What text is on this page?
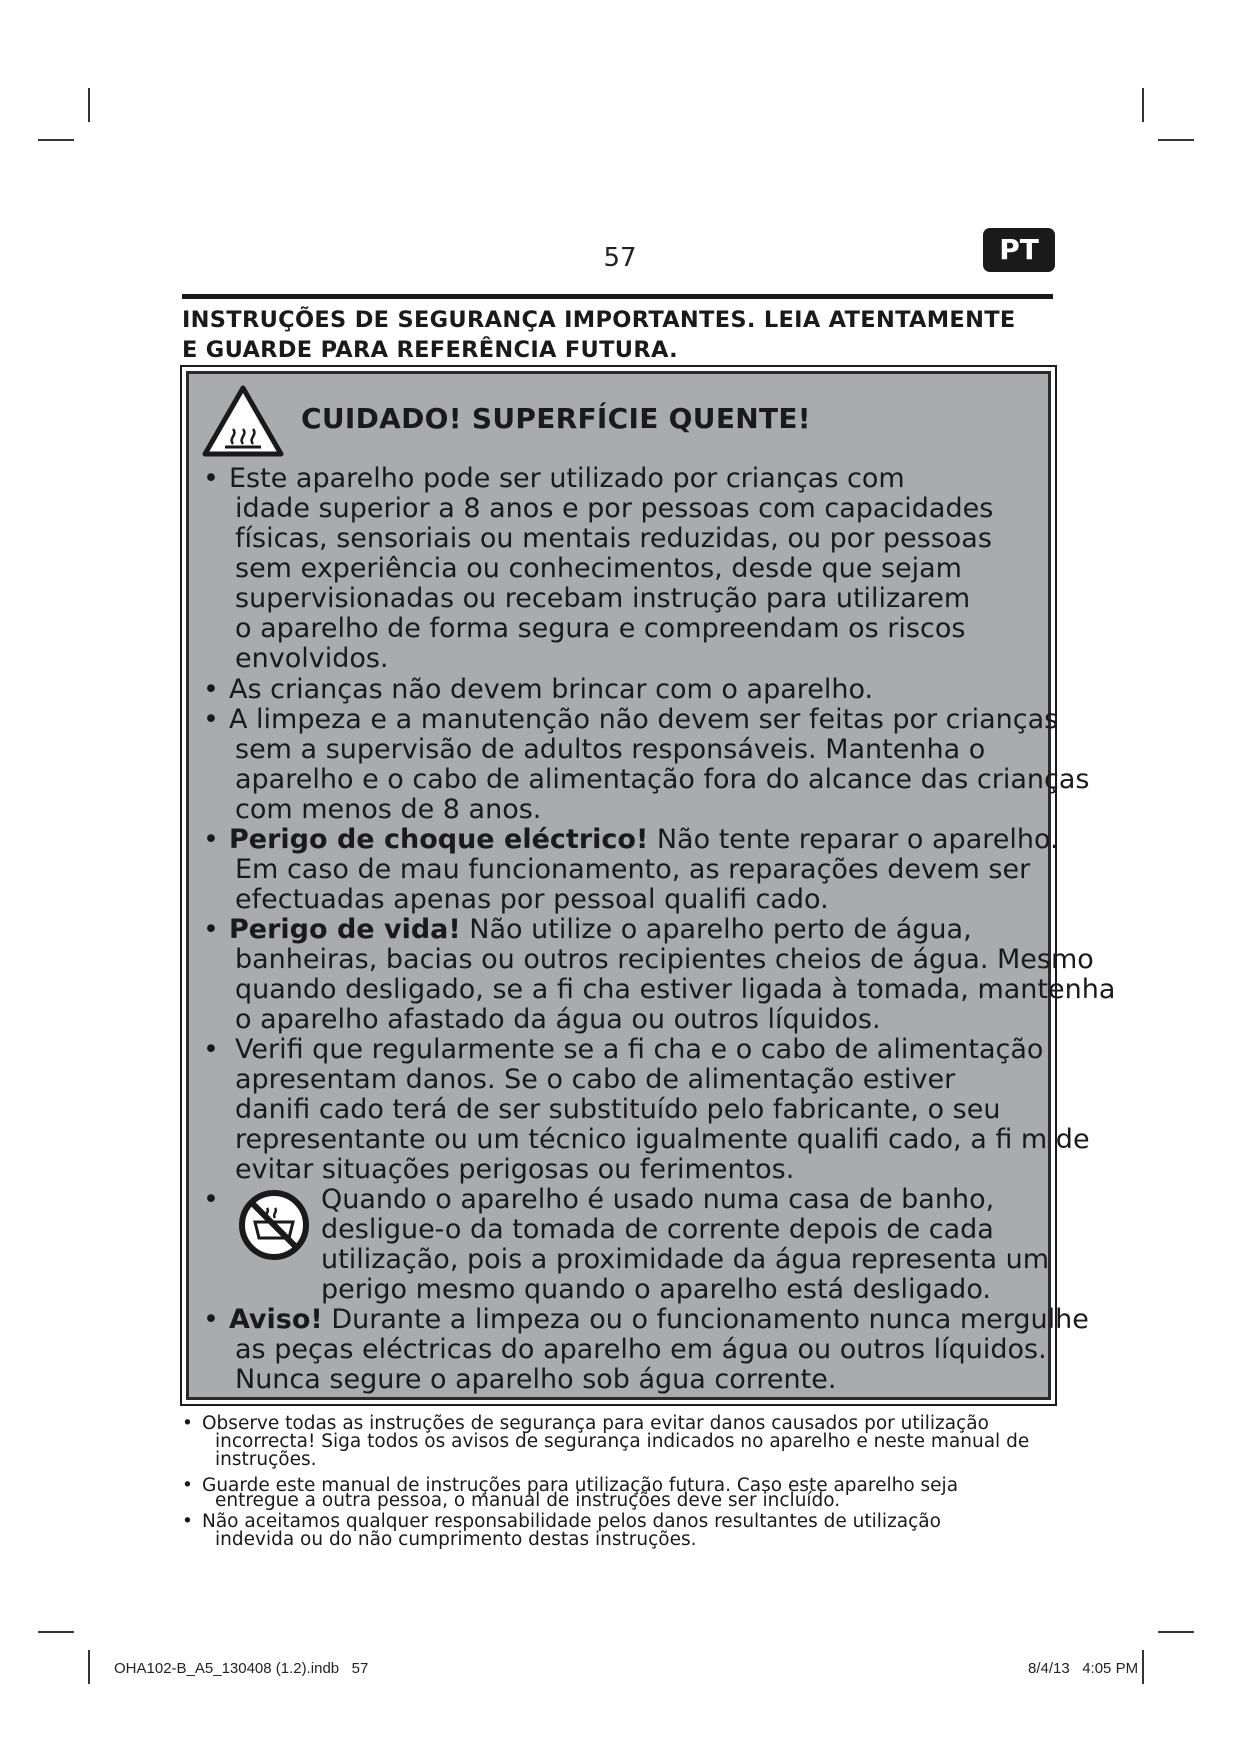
57	PT
INSTRUÇÕES DE SEGURANÇA IMPORTANTES. LEIA ATENTAMENTE
E GUARDE PARA REFERÊNCIA FUTURA.
CUIDADO! SUPERFÍCIE QUENTE!
• Este aparelho pode ser utilizado por crianças com
idade superior a 8 anos e por pessoas com capacidades
físicas, sensoriais ou mentais reduzidas, ou por pessoas
sem experiência ou conhecimentos, desde que sejam
supervisionadas ou recebam instrução para utilizarem
o aparelho de forma segura e compreendam os riscos
envolvidos.
• As crianças não devem brincar com o aparelho.
• A limpeza e a manutenção não devem ser feitas por crianças
sem a supervisão de adultos responsáveis. Mantenha o
aparelho e o cabo de alimentação fora do alcance das crianças
com menos de 8 anos.
• Perigo de choque eléctrico! Não tente reparar o aparelho.
Em caso de mau funcionamento, as reparações devem ser
efectuadas apenas por pessoal qualifi cado.
• Perigo de vida! Não utilize o aparelho perto de água,
banheiras, bacias ou outros recipientes cheios de água. Mesmo
quando desligado, se a fi cha estiver ligada à tomada, mantenha
o aparelho afastado da água ou outros líquidos.
• Verifi que regularmente se a fi cha e o cabo de alimentação
apresentam danos. Se o cabo de alimentação estiver
danifi cado terá de ser substituído pelo fabricante, o seu
representante ou um técnico igualmente qualifi cado, a fi m de
evitar situações perigosas ou ferimentos.
•	Quando o aparelho é usado numa casa de banho,
desligue-o da tomada de corrente depois de cada
utilização, pois a proximidade da água representa um
perigo mesmo quando o aparelho está desligado.
• Aviso! Durante a limpeza ou o funcionamento nunca mergulhe
as peças eléctricas do aparelho em água ou outros líquidos.
Nunca segure o aparelho sob água corrente.
• Observe todas as instruções de segurança para evitar danos causados por utilização
incorrecta! Siga todos os avisos de segurança indicados no aparelho e neste manual de
instruções.
• Guarde este manual de instruções para utilização futura. Caso este aparelho seja
entregue a outra pessoa, o manual de instruções deve ser incluído.
• Não aceitamos qualquer responsabilidade pelos danos resultantes de utilização
indevida ou do não cumprimento destas instruções.
OHA102-B_A5_130408 (1.2).indb   57	8/4/13   4:05 PM
